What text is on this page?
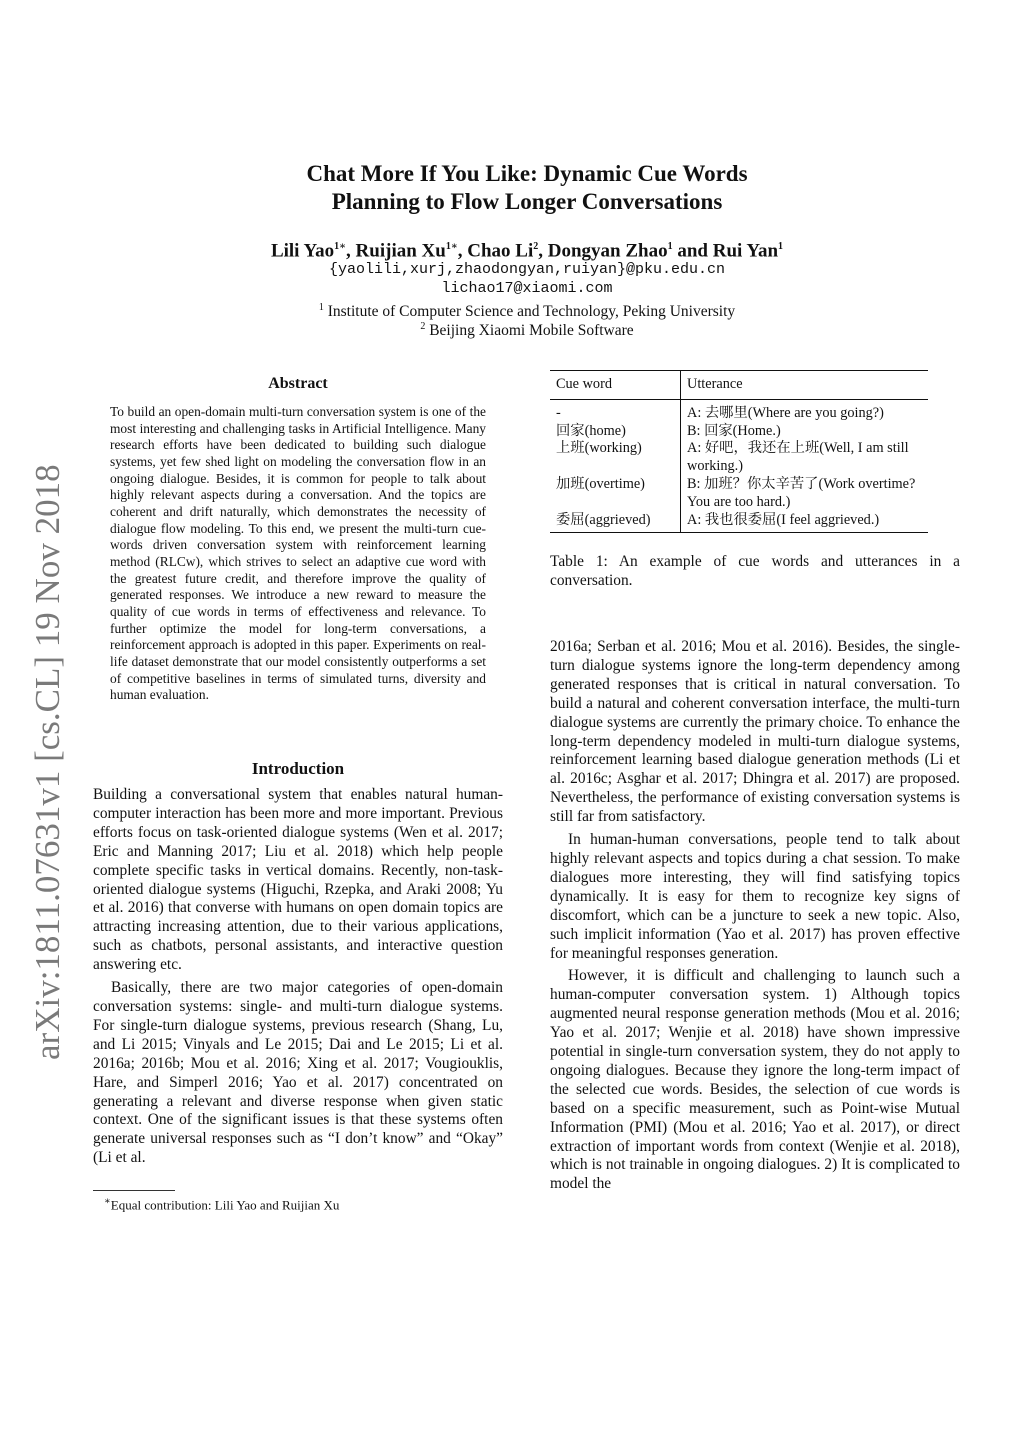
arXiv:1811.07631v1 [cs.CL] 19 Nov 2018
Chat More If You Like: Dynamic Cue Words
Planning to Flow Longer Conversations
Lili Yao$^{1∗}$, Ruijian $Xu^{1∗}$, Chao Li$^2$, Dongyan Zhao$^1$ and Rui Yan$^1$
{yaolili,xurj,zhaodongyan,ruiyan}@pku.edu.cn
lichao17@xiaomi.com
$^1$ Institute of Computer Science and Technology, Peking University
$^2$ Beijing Xiaomi Mobile Software
Abstract
To build an open-domain multi-turn conversation system is one of the most interesting and challenging tasks in Artificial Intelligence. Many research efforts have been dedicated to building such dialogue systems, yet few shed light on modeling the conversation flow in an ongoing dialogue. Besides, it is common for people to talk about highly relevant aspects during a conversation. And the topics are coherent and drift naturally, which demonstrates the necessity of dialogue flow modeling. To this end, we present the multi-turn cue-words driven conversation system with reinforcement learning method (RLCw), which strives to select an adaptive cue word with the greatest future credit, and therefore improve the quality of generated responses. We introduce a new reward to measure the quality of cue words in terms of effectiveness and relevance. To further optimize the model for long-term conversations, a reinforcement approach is adopted in this paper. Experiments on real-life dataset demonstrate that our model consistently outperforms a set of competitive baselines in terms of simulated turns, diversity and human evaluation.
Introduction

Building a conversational system that enables natural human-computer interaction has been more and more important. Previous efforts focus on task-oriented dialogue systems (Wen et al. 2017; Eric and Manning 2017; Liu et al. 2018) which help people complete specific tasks in vertical domains. Recently, non-task-oriented dialogue systems (Higuchi, Rzepka, and Araki 2008; Yu et al. 2016) that converse with humans on open domain topics are attracting increasing attention, due to their various applications, such as chatbots, personal assistants, and interactive question answering etc.

Basically, there are two major categories of open-domain conversation systems: single- and multi-turn dialogue systems. For single-turn dialogue systems, previous research (Shang, Lu, and Li 2015; Vinyals and Le 2015; Dai and Le 2015; Li et al. 2016a; 2016b; Mou et al. 2016; Xing et al. 2017; Vougiouklis, Hare, and Simperl 2016; Yao et al. 2017) concentrated on generating a relevant and diverse response when given static context. One of the significant issues is that these systems often generate universal responses such as “I don’t know” and “Okay” (Li et al.

∗Equal contribution: Lili Yao and Ruijian Xu
Cue word	Utterance
-	A: 去哪里(Where are you going?)
回家(home)	B: 回家(Home.)
上班(working)	A: 好吧，我还在上班(Well, I am still working.)
加班(overtime)	B: 加班？你太辛苦了(Work overtime? You are too hard.)
委屈(aggrieved)	A: 我也很委屈(I feel aggrieved.)
Table 1: An example of cue words and utterances in a conversation.

2016a; Serban et al. 2016; Mou et al. 2016). Besides, the single-turn dialogue systems ignore the long-term dependency among generated responses that is critical in natural conversation. To build a natural and coherent conversation interface, the multi-turn dialogue systems are currently the primary choice. To enhance the long-term dependency modeled in multi-turn dialogue systems, reinforcement learning based dialogue generation methods (Li et al. 2016c; Asghar et al. 2017; Dhingra et al. 2017) are proposed. Nevertheless, the performance of existing conversation systems is still far from satisfactory.

In human-human conversations, people tend to talk about highly relevant aspects and topics during a chat session. To make dialogues more interesting, they will find satisfying topics dynamically. It is easy for them to recognize key signs of discomfort, which can be a juncture to seek a new topic. Also, such implicit information (Yao et al. 2017) has proven effective for meaningful responses generation.

However, it is difficult and challenging to launch such a human-computer conversation system. 1) Although topics augmented neural response generation methods (Mou et al. 2016; Yao et al. 2017; Wenjie et al. 2018) have shown impressive potential in single-turn conversation system, they do not apply to ongoing dialogues. Because they ignore the long-term impact of the selected cue words. Besides, the selection of cue words is based on a specific measurement, such as Point-wise Mutual Information (PMI) (Mou et al. 2016; Yao et al. 2017), or direct extraction of important words from context (Wenjie et al. 2018), which is not trainable in ongoing dialogues. 2) It is complicated to model the
